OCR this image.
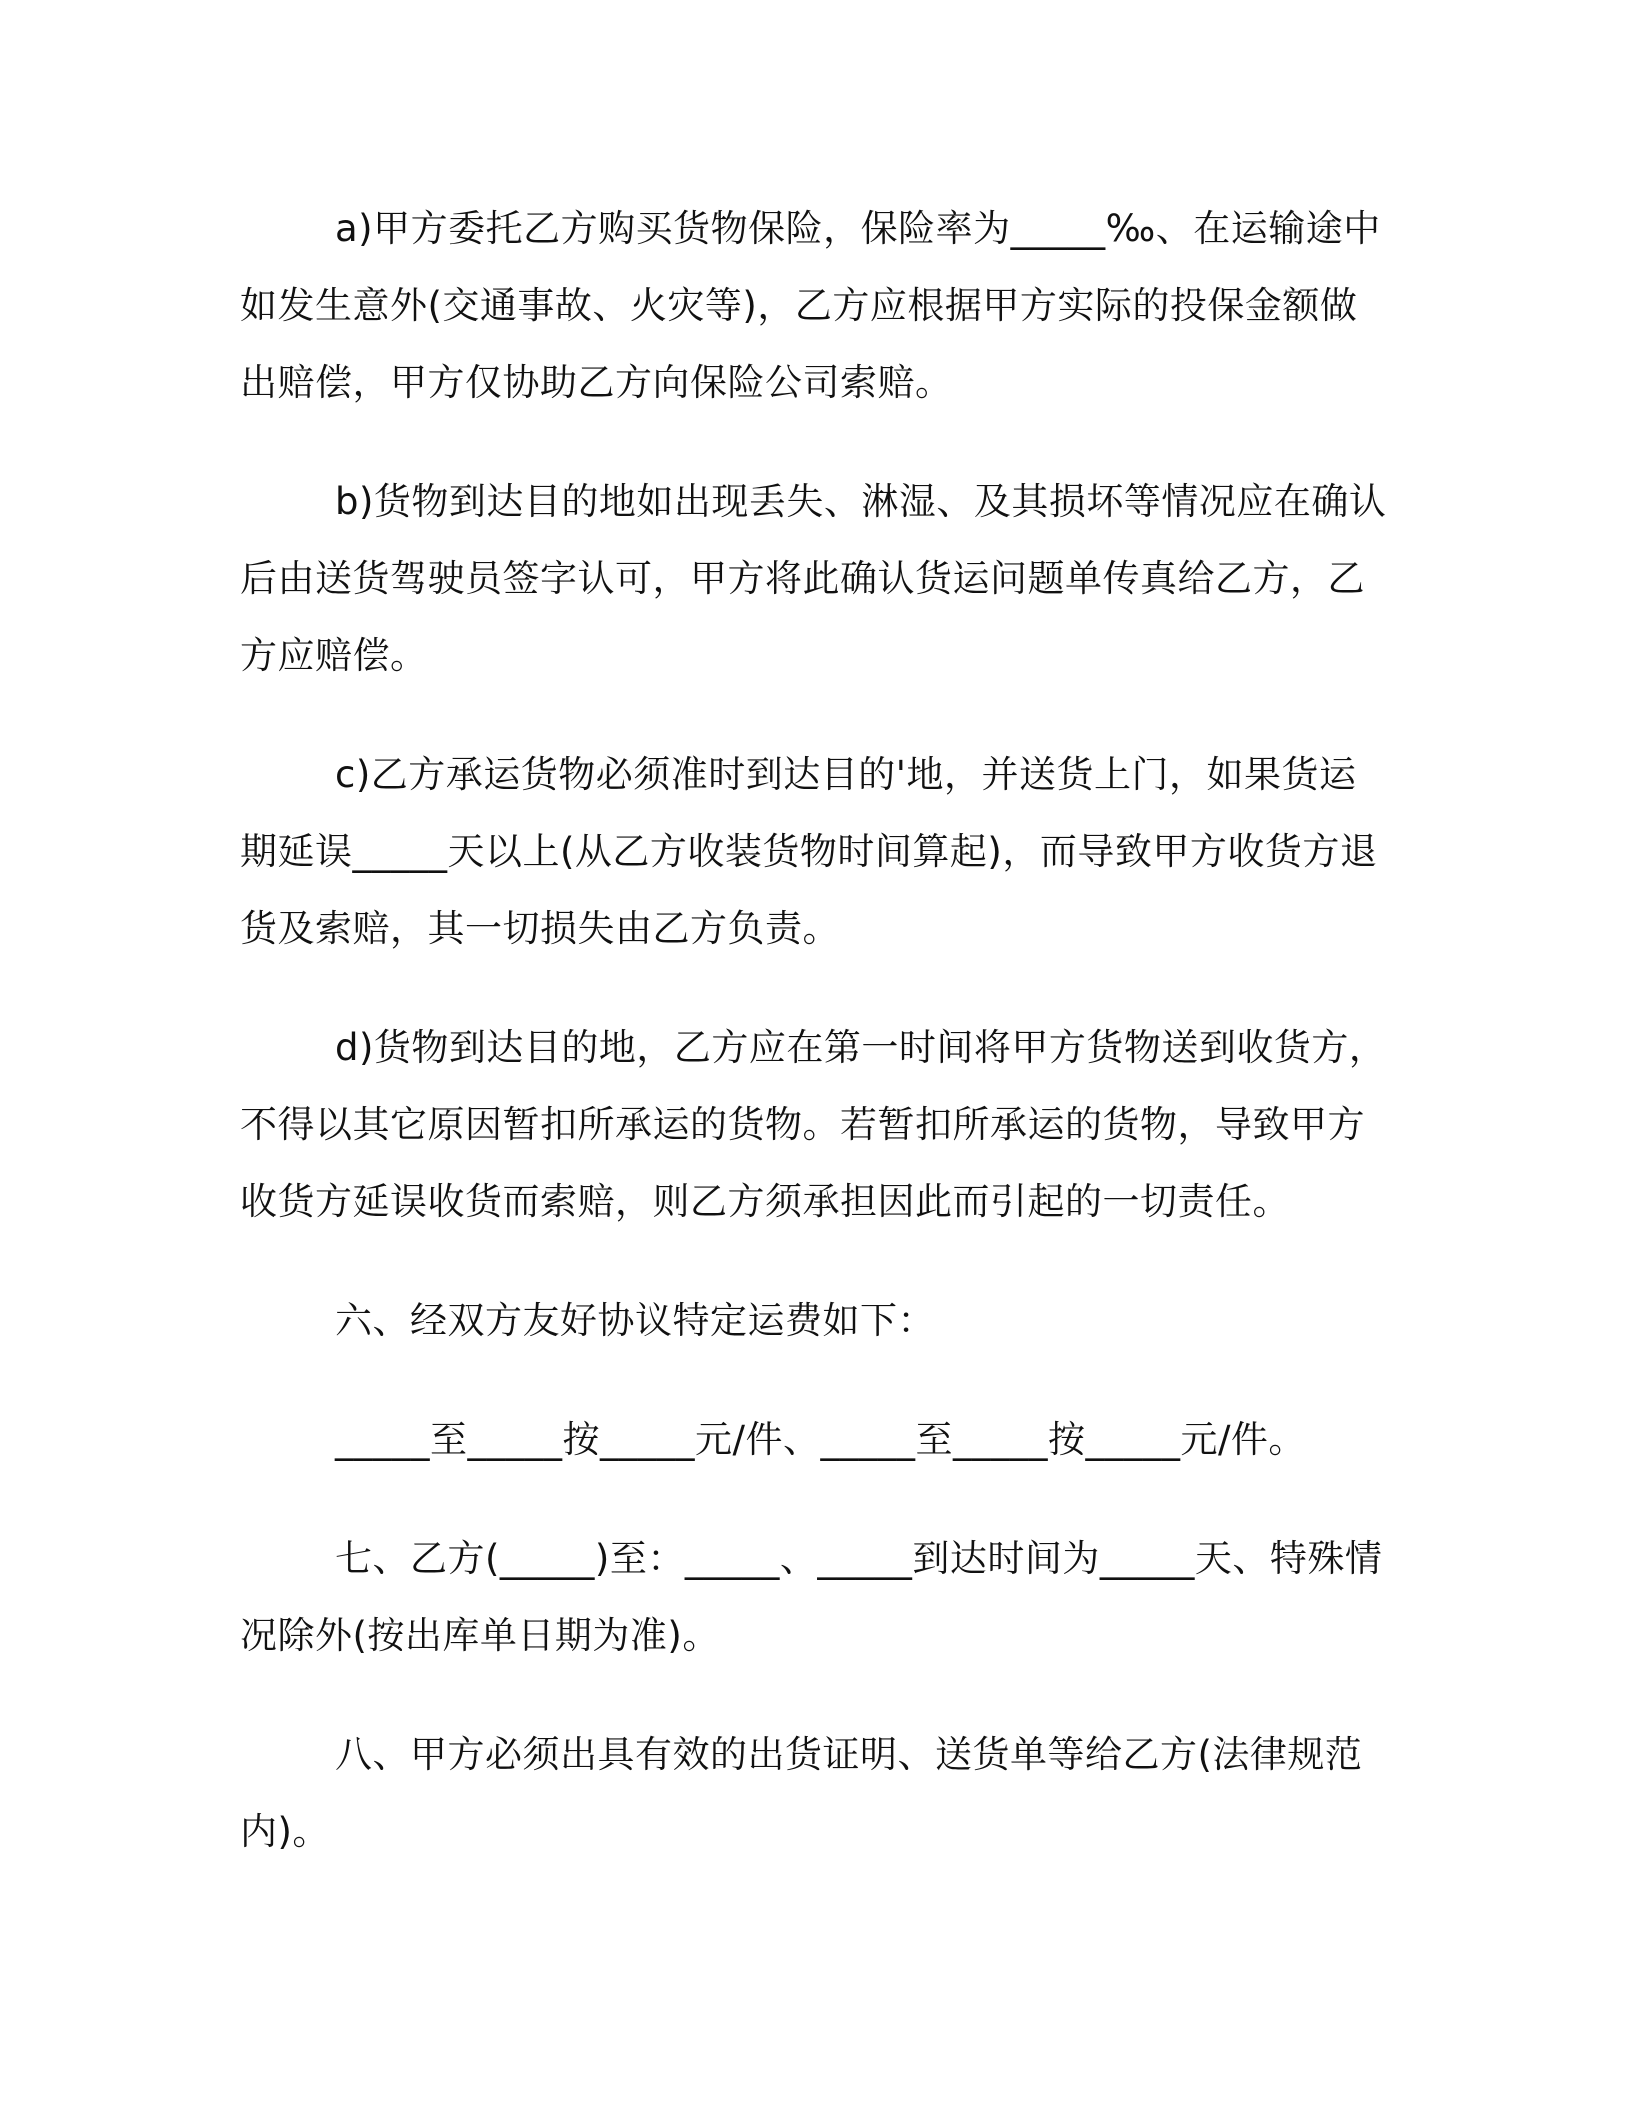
a)甲方委托乙方购买货物保险，保险率为_____‰、在运输途中如发生意外(交通事故、火灾等)，乙方应根据甲方实际的投保金额做出赔偿，甲方仅协助乙方向保险公司索赔。

b)货物到达目的地如出现丢失、淋湿、及其损坏等情况应在确认后由送货驾驶员签字认可，甲方将此确认货运问题单传真给乙方，乙方应赔偿。

c)乙方承运货物必须准时到达目的'地，并送货上门，如果货运期延误_____天以上(从乙方收装货物时间算起)，而导致甲方收货方退货及索赔，其一切损失由乙方负责。

d)货物到达目的地，乙方应在第一时间将甲方货物送到收货方，不得以其它原因暂扣所承运的货物。若暂扣所承运的货物，导致甲方收货方延误收货而索赔，则乙方须承担因此而引起的一切责任。

六、经双方友好协议特定运费如下：

_____至_____按_____元/件、_____至_____按_____元/件。

七、乙方(_____)至：_____、_____到达时间为_____天、特殊情况除外(按出库单日期为准)。

八、甲方必须出具有效的出货证明、送货单等给乙方(法律规范内)。
